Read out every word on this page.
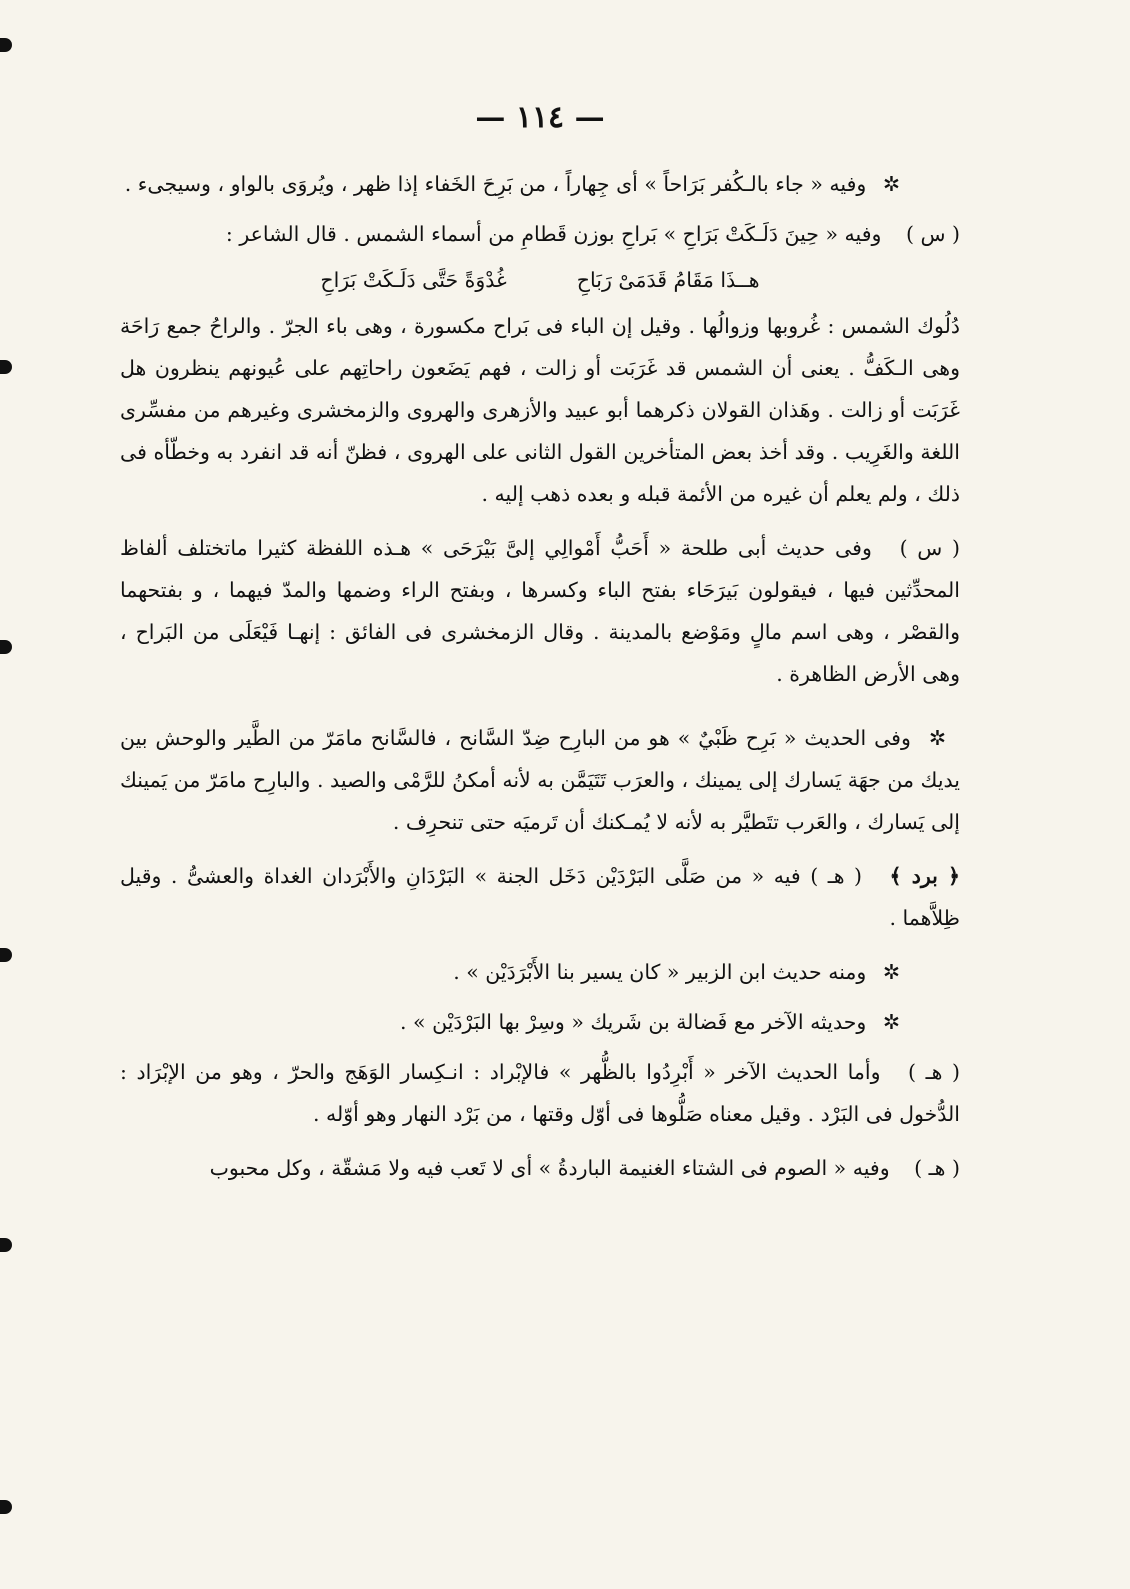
— ١١٤ —

✲ وفيه « جاء بالـكُفر بَرَاحاً » أى جِهاراً ، من بَرِحَ الخَفاء إذا ظهر ، ويُروَى بالواو ، وسيجىء .

( س ) وفيه « حِينَ دَلَـكَتْ بَرَاحِ » بَراحِ بوزن قَطامِ من أسماء الشمس . قال الشاعر :

هــذَا مَقَامُ قَدَمَىْ رَبَاحِ
غُدْوَةً حَتَّى دَلَـكَتْ بَرَاحِ

دُلُوك الشمس : غُروبها وزوالُها . وقيل إن الباء فى بَراح مكسورة ، وهى باء الجرّ . والراحُ جمع رَاحَة وهى الـكَفُّ . يعنى أن الشمس قد غَرَبَت أو زالت ، فهم يَضَعون راحاتِهم على عُيونهم ينظرون هل غَرَبَت أو زالت . وهَذان القولان ذكرهما أبو عبيد والأزهرى والهروى والزمخشرى وغيرهم من مفسِّرى اللغة والغَرِيب . وقد أخذ بعض المتأخرين القول الثانى على الهروى ، فظنّ أنه قد انفرد به وخطّأه فى ذلك ، ولم يعلم أن غيره من الأئمة قبله و بعده ذهب إليه .

( س ) وفى حديث أبى طلحة « أَحَبُّ أَمْوالِي إلىَّ بَيْرَحَى » هـذه اللفظة كثيرا ماتختلف ألفاظ المحدِّثين فيها ، فيقولون بَيرَحَاء بفتح الباء وكسرها ، وبفتح الراء وضمها والمدّ فيهما ، و بفتحهما والقصْر ، وهى اسم مالٍ ومَوْضع بالمدينة . وقال الزمخشرى فى الفائق : إنهـا فَيْعَلَى من البَراح ، وهى الأرض الظاهرة .

✲ وفى الحديث « بَرِح ظَبْيٌ » هو من البارِح ضِدّ السَّانح ، فالسَّانح مامَرّ من الطَّير والوحش بين يديك من جهَة يَسارك إلى يمينك ، والعرَب تَتَيَمَّن به لأنه أمكنُ للرَّمْى والصيد . والبارِح مامَرّ من يَمينك إلى يَسارك ، والعَرب تتَطيَّر به لأنه لا يُمـكنك أن تَرميَه حتى تنحرِف .

﴿ برد ﴾ ( هـ ) فيه « من صَلَّى البَرْدَيْن دَخَل الجنة » البَرْدَانِ والأَبْرَدان الغداة والعشىُّ . وقيل ظِلاَّهما .

✲ ومنه حديث ابن الزبير « كان يسير بنا الأَبْرَدَيْن » .

✲ وحديثه الآخر مع فَضالة بن شَريك « وسِرْ بها البَرْدَيْن » .

( هـ ) وأما الحديث الآخر « أَبْرِدُوا بالظُّهر » فالإبْراد : انـكِسار الوَهَج والحرّ ، وهو من الإبْرَاد : الدُّخول فى البَرْد . وقيل معناه صَلُّوها فى أوّل وقتها ، من بَرْد النهار وهو أوّله .

( هـ ) وفيه « الصوم فى الشتاء الغنيمة الباردةُ » أى لا تَعب فيه ولا مَشقّة ، وكل محبوب
